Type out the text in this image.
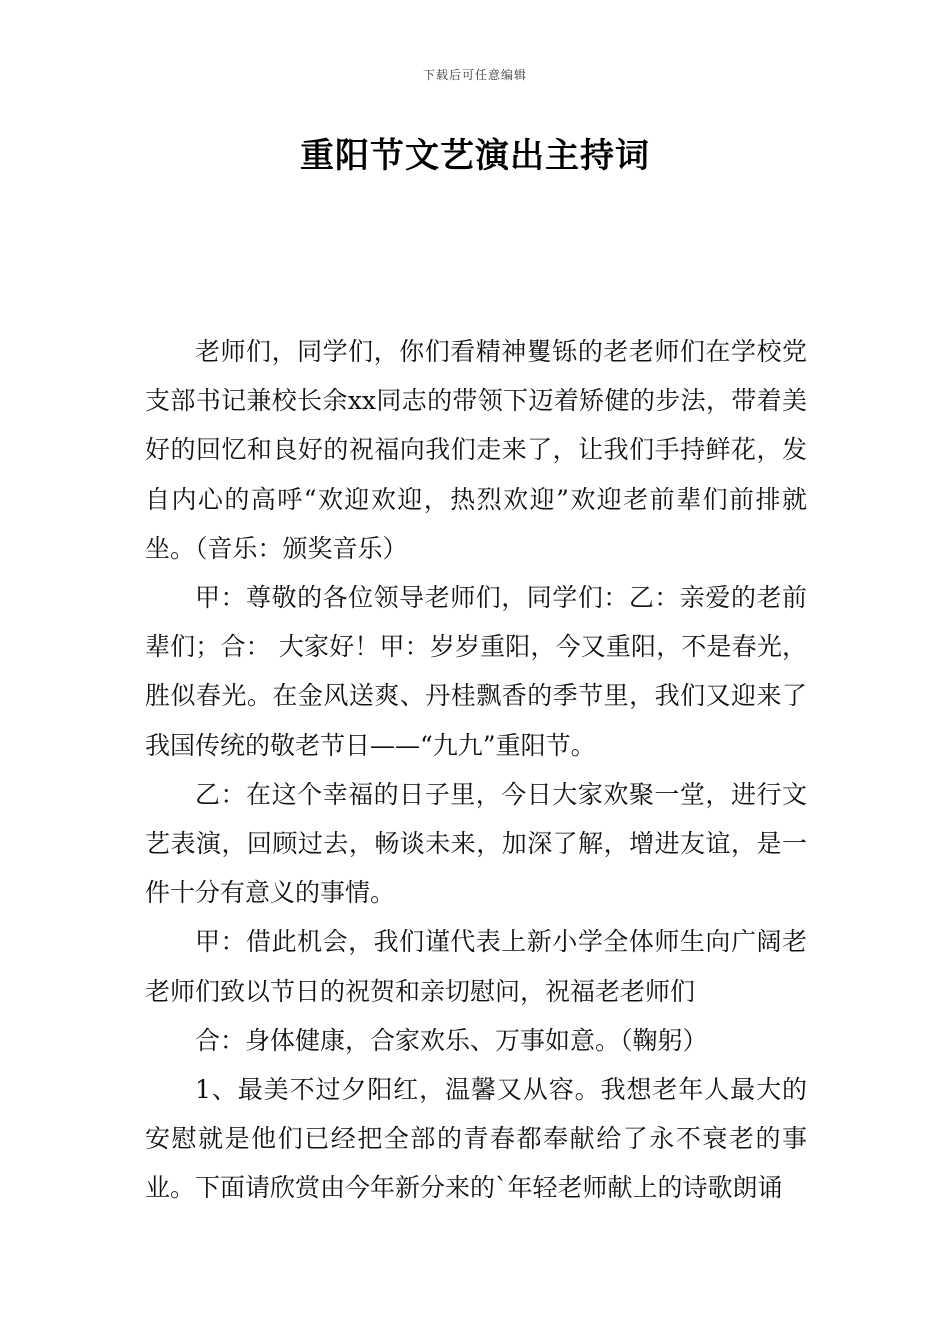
下载后可任意编辑
重阳节文艺演出主持词

老师们，同学们，你们看精神矍铄的老老师们在学校党支部书记兼校长余xx同志的带领下迈着矫健的步法，带着美好的回忆和良好的祝福向我们走来了，让我们手持鲜花，发自内心的高呼“欢迎欢迎，热烈欢迎”欢迎老前辈们前排就坐。（音乐：颁奖音乐）

甲：尊敬的各位领导老师们，同学们：乙：亲爱的老前辈们；合： 大家好！甲：岁岁重阳，今又重阳，不是春光，胜似春光。在金风送爽、丹桂飘香的季节里，我们又迎来了我国传统的敬老节日——“九九”重阳节。

乙：在这个幸福的日子里，今日大家欢聚一堂，进行文艺表演，回顾过去，畅谈未来，加深了解，增进友谊，是一件十分有意义的事情。

甲：借此机会，我们谨代表上新小学全体师生向广阔老老师们致以节日的祝贺和亲切慰问，祝福老老师们

合：身体健康，合家欢乐、万事如意。（鞠躬）

1、最美不过夕阳红，温馨又从容。我想老年人最大的安慰就是他们已经把全部的青春都奉献给了永不衰老的事业。下面请欣赏由今年新分来的`年轻老师献上的诗歌朗诵
